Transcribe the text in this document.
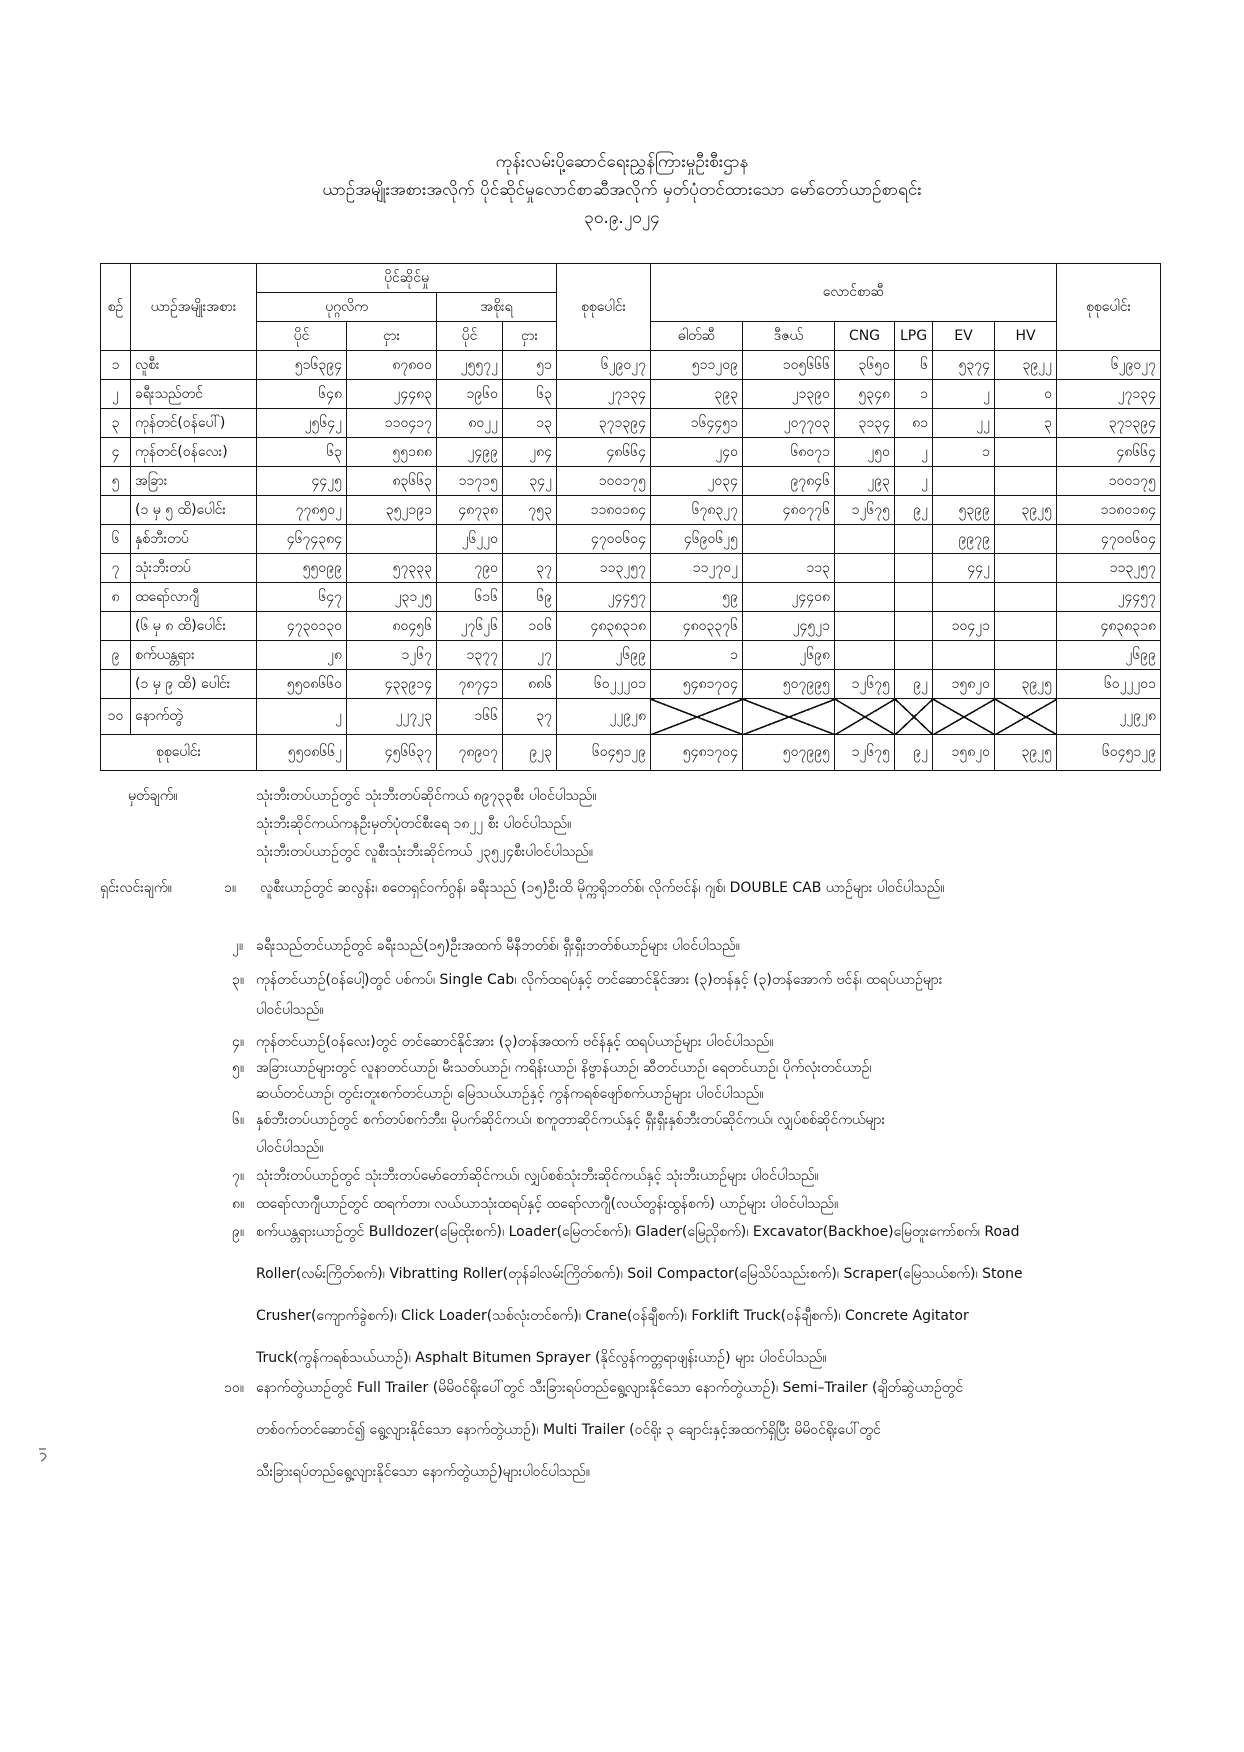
ကုန်းလမ်းပို့ဆောင်ရေးညွှန်ကြားမှုဦးစီးဌာန
ယာဉ်အမျိုးအစားအလိုက် ပိုင်ဆိုင်မှုလောင်စာဆီအလိုက် မှတ်ပုံတင်ထားသော မော်တော်ယာဉ်စာရင်း
၃၀.၉.၂၀၂၄
စဉ်	ယာဉ်အမျိုးအစား	ပိုင်ဆိုင်မှု				စုစုပေါင်း	လောင်စာဆီ						စုစုပေါင်း
		ပုဂ္ဂလိက		အစိုးရ									
		ပိုင်	ငှား	ပိုင်	ငှား		ဓါတ်ဆီ	ဒီဇယ်	CNG	LPG	EV	HV	
၁	လူစီး	၅၁၆၃၉၄	၈၇၈၀၀	၂၅၅၇၂	၅၁	၆၂၉၀၂၇	၅၁၁၂၀၉	၁၀၅၆၆၆	၃၆၅၀	၆	၅၃၇၄	၃၉၂၂	၆၂၉၀၂၇
၂	ခရီးသည်တင်	၆၄၈	၂၄၄၈၃	၁၉၆၀	၆၃	၂၇၁၃၄	၃၉၃	၂၁၃၉၀	၅၃၄၈	၁	၂	၀	၂၇၁၃၄
၃	ကုန်တင်(ဝန်ပေါ်)	၂၅၆၄၂	၁၁၀၄၁၇	၈၀၂၂	၁၃	၃၇၁၃၉၄	၁၆၄၄၅၁	၂၀၇၇၀၃	၃၁၃၄	၈၁	၂၂	၃	၃၇၁၃၉၄
၄	ကုန်တင်(ဝန်လေး)	၆၃	၅၅၁၈၈	၂၄၉၉	၂၈၄	၄၈၆၆၄	၂၄၀	၆၈၀၇၁	၂၅၀	၂	၁		၄၈၆၆၄
၅	အခြား	၄၄၂၅	၈၃၆၆၃	၁၁၇၁၅	၃၄၂	၁၀၀၁၇၅	၂၀၃၄	၉၇၈၄၆	၂၉၃	၂			၁၀၀၁၇၅
	(၁ မှ ၅ ထိ)ပေါင်း	၇၇၈၅၀၂	၃၅၂၁၉၁	၄၈၇၃၈	၇၅၃	၁၁၈၀၁၈၄	၆၇၈၃၂၇	၄၈၀၇၇၆	၁၂၆၇၅	၉၂	၅၃၉၉	၃၉၂၅	၁၁၈၀၁၈၄
၆	နှစ်ဘီးတပ်	၄၆၇၄၃၈၄		၂၆၂၂၀		၄၇၀၀၆၀၄	၄၆၉၀၆၂၅				၉၉၇၉		၄၇၀၀၆၀၄
၇	သုံးဘီးတပ်	၅၅၀၉၉	၅၇၃၃၃	၇၉၀	၃၇	၁၁၃၂၅၇	၁၁၂၇၀၂	၁၁၃			၄၄၂		၁၁၃၂၅၇
၈	ထရော်လာဂျီ	၆၄၇	၂၃၁၂၅	၆၁၆	၆၉	၂၄၄၅၇	၅၉	၂၄၄၀၈					၂၄၄၅၇
	(၆ မှ ၈ ထိ)ပေါင်း	၄၇၃၀၁၃၀	၈၀၄၅၆	၂၇၆၂၆	၁၀၆	၄၈၃၈၃၁၈	၄၈၀၃၃၇၆	၂၄၅၂၁			၁၀၄၂၁		၄၈၃၈၃၁၈
၉	စက်ယန္တရား	၂၈	၁၂၆၇	၁၃၇၇	၂၇	၂၆၉၉	၁	၂၆၉၈					၂၆၉၉
	(၁ မှ ၉ ထိ) ပေါင်း	၅၅၀၈၆၆၀	၄၃၃၉၁၄	၇၈၇၄၁	၈၈၆	၆၀၂၂၂၀၁	၅၄၈၁၇၀၄	၅၀၇၉၉၅	၁၂၆၇၅	၉၂	၁၅၈၂၀	၃၉၂၅	၆၀၂၂၂၀၁
၁၀	နောက်တွဲ	၂	၂၂၇၂၃	၁၆၆	၃၇	၂၂၉၂၈							၂၂၉၂၈
စုစုပေါင်း		၅၅၀၈၆၆၂	၄၅၆၆၃၇	၇၈၉၀၇	၉၂၃	၆၀၄၅၁၂၉	၅၄၈၁၇၀၄	၅၀၇၉၉၅	၁၂၆၇၅	၉၂	၁၅၈၂၀	၃၉၂၅	၆၀၄၅၁၂၉
မှတ်ချက်။	သုံးဘီးတပ်ယာဉ်တွင် သုံးဘီးတပ်ဆိုင်ကယ် ၈၉၇၃၃စီး ပါဝင်ပါသည်။
သုံးဘီးဆိုင်ကယ်ကနဦးမှတ်ပုံတင်စီးရေ ၁၈၂၂ စီး ပါဝင်ပါသည်။
သုံးဘီးတပ်ယာဉ်တွင် လူစီးသုံးဘီးဆိုင်ကယ် ၂၃၅၂၄စီးပါဝင်ပါသည်။
ရှင်းလင်းချက်။	၁။ လူစီးယာဉ်တွင် ဆလွန်း၊ စတေရှင်ဝက်ဂွန်၊ ခရီးသည် (၁၅)ဦးထိ မိုက္ကရိုဘတ်စ်၊ လိုက်ဗင်န်၊ ဂျစ်၊ DOUBLE CAB ယာဉ်များ ပါဝင်ပါသည်။
၂။ ခရီးသည်တင်ယာဉ်တွင် ခရီးသည်(၁၅)ဦးအထက် မီနီဘတ်စ်၊ ရှီးရှီးဘတ်စ်ယာဉ်များ ပါဝင်ပါသည်။
၃။ ကုန်တင်ယာဉ်(ဝန်ပေါ့)တွင် ပစ်ကပ်၊ Single Cab၊ လိုက်ထရပ်နှင့် တင်ဆောင်နိုင်အား (၃)တန်နှင့် (၃)တန်အောက် ဗင်န်၊ ထရပ်ယာဉ်များ
ပါဝင်ပါသည်။
၄။ ကုန်တင်ယာဉ်(ဝန်လေး)တွင် တင်ဆောင်နိုင်အား (၃)တန်အထက် ဗင်န်နှင့် ထရပ်ယာဉ်များ ပါဝင်ပါသည်။
၅။ အခြားယာဉ်များတွင် လူနာတင်ယာဉ်၊ မီးသတ်ယာဉ်၊ ကရိန်းယာဉ်၊ နိဗ္ဗာန်ယာဉ်၊ ဆီတင်ယာဉ်၊ ရေတင်ယာဉ်၊ ပိုက်လုံးတင်ယာဉ်၊
ဆယ်တင်ယာဉ်၊ တွင်းတူးစက်တင်ယာဉ်၊ မြေသယ်ယာဉ်နှင့် ကွန်ကရစ်ဖျော်စက်ယာဉ်များ ပါဝင်ပါသည်။
၆။ နှစ်ဘီးတပ်ယာဉ်တွင် စက်တပ်စက်ဘီး၊ မိုပက်ဆိုင်ကယ်၊ စကူတာဆိုင်ကယ်နှင့် ရှီးရှီးနှစ်ဘီးတပ်ဆိုင်ကယ်၊ လျှပ်စစ်ဆိုင်ကယ်များ
ပါဝင်ပါသည်။
၇။ သုံးဘီးတပ်ယာဉ်တွင် သုံးဘီးတပ်မော်တော်ဆိုင်ကယ်၊ လျှပ်စစ်သုံးဘီးဆိုင်ကယ်နှင့် သုံးဘီးယာဉ်များ ပါဝင်ပါသည်။
၈။ ထရော်လာဂျီယာဉ်တွင် ထရက်တာ၊ လယ်ယာသုံးထရပ်နှင့် ထရော်လာဂျီ(လယ်တွန်းထွန်စက်) ယာဉ်များ ပါဝင်ပါသည်။
၉။ စက်ယန္တရားယာဉ်တွင် Bulldozer(မြေထိုးစက်)၊ Loader(မြေတင်စက်)၊ Glader(မြေညှိစက်)၊ Excavator(Backhoe)မြေတူးကော်စက်၊ Road
Roller(လမ်းကြိတ်စက်)၊ Vibratting Roller(တုန်ခါလမ်းကြိတ်စက်)၊ Soil Compactor(မြေသိပ်သည်းစက်)၊ Scraper(မြေသယ်စက်)၊ Stone
Crusher(ကျောက်ခွဲစက်)၊ Click Loader(သစ်လုံးတင်စက်)၊ Crane(ဝန်ချီစက်)၊ Forklift Truck(ဝန်ချီစက်)၊ Concrete Agitator
Truck(ကွန်ကရစ်သယ်ယာဉ်)၊ Asphalt Bitumen Sprayer (နိုင်လွန်ကတ္တရာဖျန်းယာဉ်) များ ပါဝင်ပါသည်။
၁၀။ နောက်တွဲယာဉ်တွင် Full Trailer (မိမိဝင်ရိုးပေါ်တွင် သီးခြားရပ်တည်ရွေ့လျားနိုင်သော နောက်တွဲယာဉ်)၊ Semi–Trailer (ချိတ်ဆွဲယာဉ်တွင်
တစ်ဝက်တင်ဆောင်၍ ရွေ့လျားနိုင်သော နောက်တွဲယာဉ်)၊ Multi Trailer (ဝင်ရိုး ၃ ချောင်းနှင့်အထက်ရှိပြီး မိမိဝင်ရိုးပေါ်တွင်
သီးခြားရပ်တည်ရွေ့လျားနိုင်သော နောက်တွဲယာဉ်)များပါဝင်ပါသည်။
